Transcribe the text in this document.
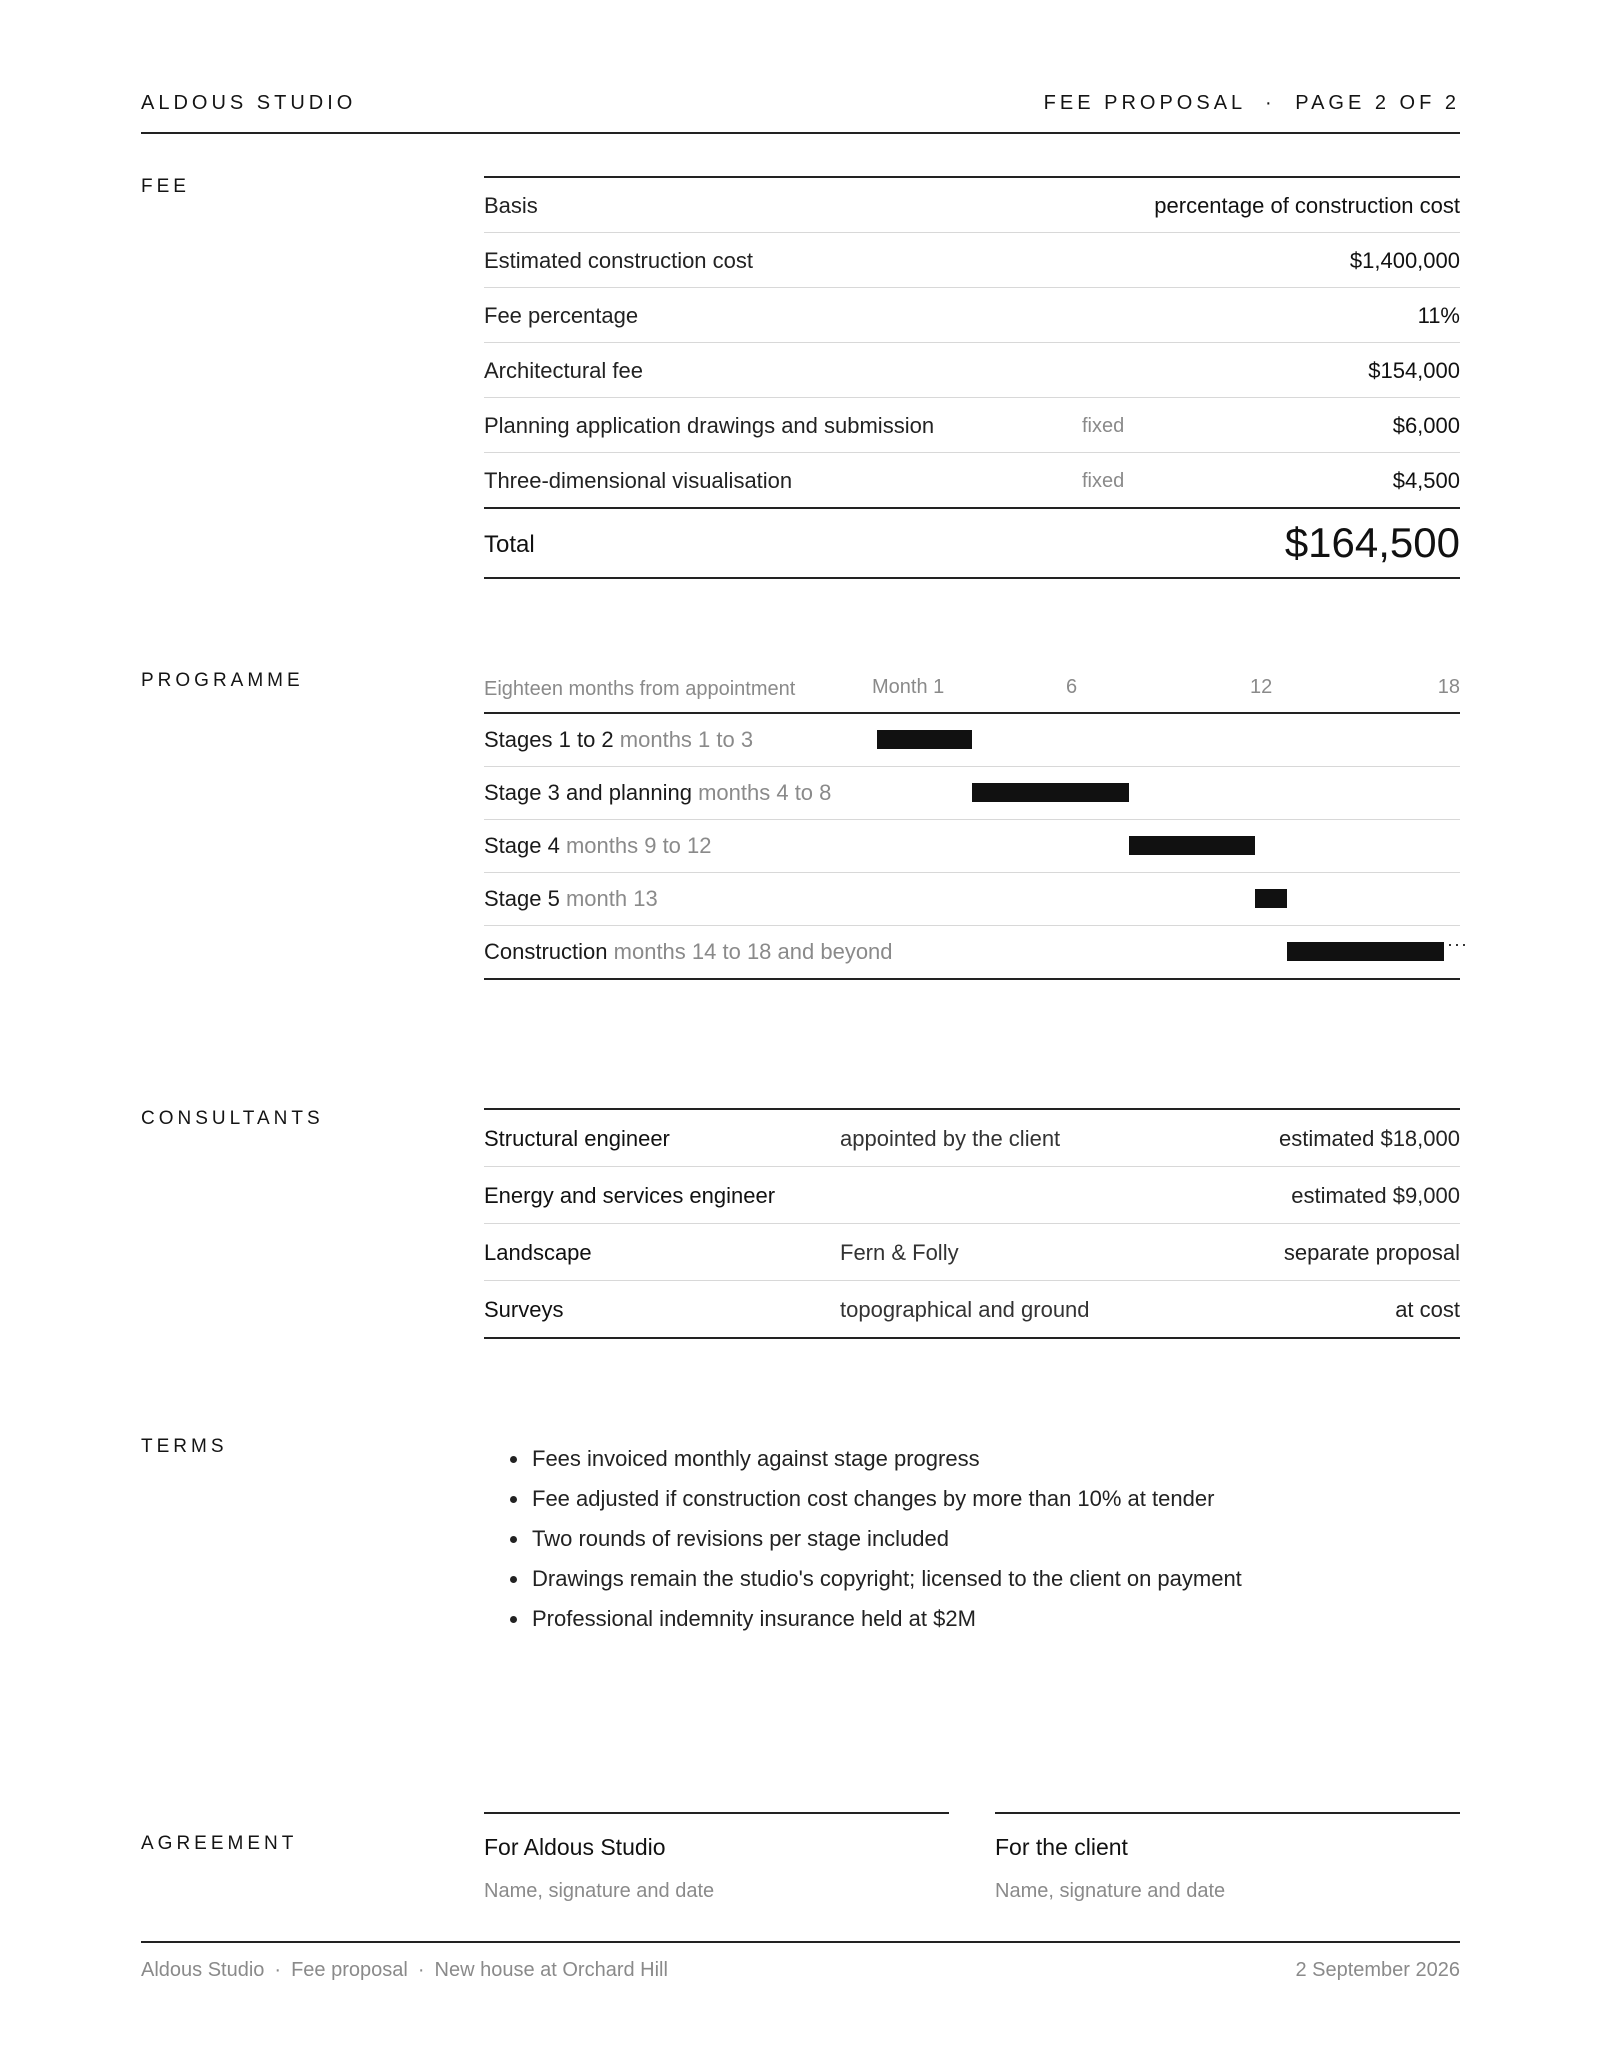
ALDOUS STUDIO	FEE PROPOSAL · PAGE 2 OF 2
FEE
Basis	percentage of construction cost
Estimated construction cost	$1,400,000
Fee percentage	11%
Architectural fee	$154,000
Planning application drawings and submission	fixed	$6,000
Three-dimensional visualisation	fixed	$4,500
Total	$164,500
PROGRAMME	Eighteen months from appointment	Month 1	6	12	18
Stages 1 to 2 months 1 to 3
Stage 3 and planning months 4 to 8
Stage 4 months 9 to 12
Stage 5 month 13
Construction months 14 to 18 and beyond	···
CONSULTANTS
Structural engineer	appointed by the client	estimated $18,000
Energy and services engineer	estimated $9,000
Landscape	Fern & Folly	separate proposal
Surveys	topographical and ground	at cost
TERMS
•	Fees invoiced monthly against stage progress
• Fee adjusted if construction cost changes by more than 10% at tender
• Two rounds of revisions per stage included
• Drawings remain the studio's copyright; licensed to the client on payment
• Professional indemnity insurance held at $2M
AGREEMENT	For Aldous Studio
Name, signature and date
For the client
Name, signature and date
Aldous Studio · Fee proposal · New house at Orchard Hill	2 September 2026
